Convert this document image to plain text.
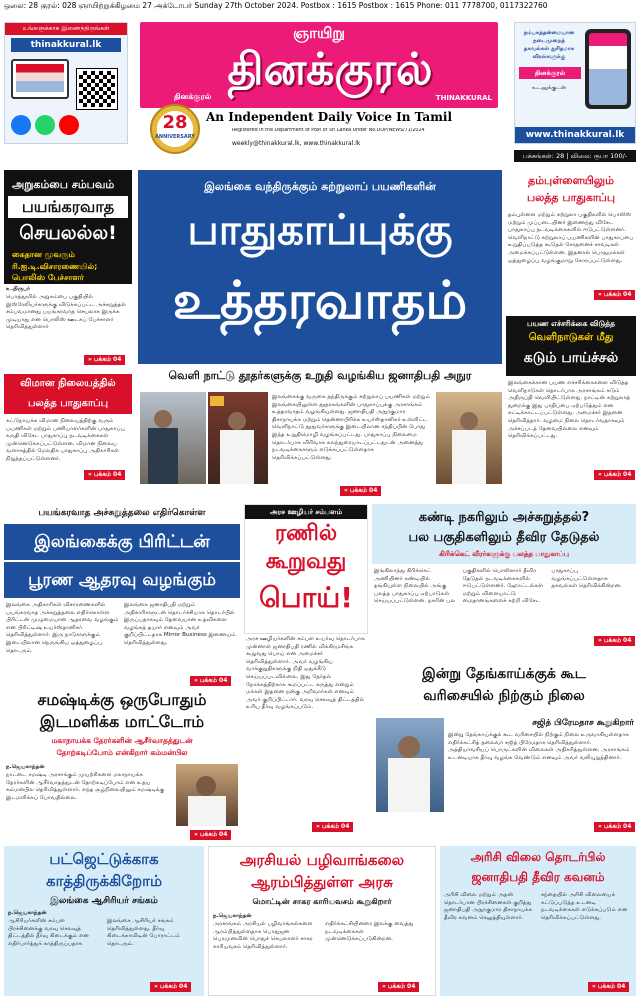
ஒலை: 28 குரல்: 028 ஞாயிற்றுக்கிழமை 27 அக்டோபர் Sunday 27th October 2024. Postbox : 1615 Postbox : 1615 Phone: 011 7778700, 0117322760
உங்களுக்காக இணைந்திருங்கள்
thinakkural.lk
ஞாயிறு
தினக்குரல்
தினக்குரல்	THINAKKURAL
28
ANNIVERSARY
An Independent Daily Voice In Tamil
Registered In the Department of Post of Sri Lanka Under No.DOP/NEWS/71/2024
weekly@thinakkural.lk, www.thinakkural.lk
நம்பகத்தன்மையான
நடைமுறைத்
தகவல்கள் துரிதமாக
விரல்களுக்கு
தினக்குரல்
உடனுக்குடன்
www.thinakkural.lk
பக்கங்கள்: 28 | விலை: ரூபா 100/-
அறுகம்பை சம்பவம்
பயங்கரவாத
செயலல்ல!
கைதான மூவரும்
ரி.ஐ.டி.விசாரணையில்;
பொலிஸ் பேச்சாளர்
உ.நிருபர்
பொத்துவில் அறுகம்பை பகுதியில் இஸ்ரேலியர்களுக்கு விடுக்கப்பட்ட அச்சுறுத்தல் சம்பவமானது பயங்கரவாத செயலாக இருக்க முடியாது என பொலிஸ் ஊடகப் பேச்சாளர் தெரிவித்துள்ளார்
» பக்கம் 04
விமான நிலையத்தில்
பலத்த பாதுகாப்பு
கட்டுநாயக்க விமான நிலையத்திற்கு வரும் பயணிகள் மற்றும் பணியாளர்களின் பாதுகாப்பு கருதி விசேட பாதுகாப்பு நடவடிக்கைகள் முன்னெடுக்கப்பட்டுள்ளன. விமான நிலைய வளாகத்தில் மேலதிக பாதுகாப்பு அதிகாரிகள் நிறுத்தப்பட்டுள்ளனர்.
» பக்கம் 04
இலங்கை வந்திருக்கும் சுற்றுலாப் பயணிகளின்
பாதுகாப்புக்கு
உத்தரவாதம்
வெளி நாட்டு தூதர்களுக்கு உறுதி வழங்கிய ஜனாதிபதி அநுர
இலங்கைக்கு வருகை தந்திருக்கும் சுற்றுலாப் பயணிகள் மற்றும் இலங்கையிலுள்ள தூதரகங்களின் பாதுகாப்புக்கு அரசாங்கம் உத்தரவாதம் வழங்கியுள்ளது. ஜனாதிபதி அநுரகுமார திசாநாயக்க மற்றும் தென்னாபிரிக்க உயர்ஸ்தானிகர் உள்ளிட்ட வெளிநாட்டு தூதுவர்களுக்கு இடையிலான சந்திப்பின் போது இந்த உறுதிமொழி வழங்கப்பட்டது. பாதுகாப்பு நிலைமை தொடர்பாக விரிவாக கலந்துரையாடப்பட்டதுடன் அனைத்து நடவடிக்கைகளும் எடுக்கப்பட்டுள்ளதாக தெரிவிக்கப்பட்டுள்ளது.
» பக்கம் 04
தம்புள்ளையிலும்
பலத்த பாதுகாப்பு
தம்புள்ளை மற்றும் சுற்றுலா பகுதிகளில் பொலிஸ் மற்றும் முப்படையினர் இணைந்து விசேட பாதுகாப்பு நடவடிக்கைகளில் ஈடுபட்டுள்ளனர். வெளிநாட்டு சுற்றுலாப் பயணிகளின் பாதுகாப்பை உறுதிப்படுத்த கூடுதல் சோதனைச் சாவடிகள் அமைக்கப்பட்டுள்ளன. இதனால் பொதுமக்கள் ஒத்துழைப்பு வழங்குமாறு கோரப்பட்டுள்ளது.
» பக்கம் 04
பயண எச்சரிக்கை விடுத்த
வெளிநாடுகள் மீது
கடும் பாய்ச்சல்
இலங்கைக்கான பயண எச்சரிக்கைகளை விடுத்த வெளிநாடுகள் தொடர்பாக அரசாங்கம் கடும் அதிருப்தி வெளியிட்டுள்ளது. நாட்டின் சுற்றுலாத் துறைக்கு இது பாதிப்பை ஏற்படுத்தும் என சுட்டிக்காட்டப்பட்டுள்ளது. அமைச்சர் இதனை தெரிவித்தார். வழமை நிலை தொடர்வதாகவும் அச்சப்படத் தேவையில்லை எனவும் தெரிவிக்கப்பட்டது.
» பக்கம் 04
பயங்கரவாத அச்சுறுத்தலை எதிர்கொள்ள
இலங்கைக்கு பிரிட்டன்
பூரண ஆதரவு வழங்கும்
இலங்கை அதிகாரிகள் விசாரணைகளில் பயங்கரவாத அச்சுறுத்தலை எதிர்கொள்ள பிரிட்டன் முழுமையான ஆதரவை வழங்கும் என பிரிட்டிஷ் உயர்ஸ்தானிகர் தெரிவித்துள்ளார். இரு நாடுகளுக்கும் இடையிலான நெருங்கிய ஒத்துழைப்பு தொடரும்.
இலங்கை ஜனாதிபதி மற்றும் அதிகாரிகளுடன் தொடர்ச்சியாக தொடர்பில் இருப்பதாகவும் தேவையான உதவிகளை வழங்கத் தயார் எனவும் அவர் குறிப்பிட்டதாக Mirror Business இணையம் தெரிவித்துள்ளது.
» பக்கம் 04
அரச ஊழியர் சம்பளம்
ரணில்
கூறுவது
பொய்!
அரச ஊழியர்களின் சம்பள உயர்வு தொடர்பாக முன்னாள் ஜனாதிபதி ரணில் விக்கிரமசிங்க கூறுவது பொய் என அமைச்சர் தெரிவித்துள்ளார். அவர் வழங்கிய வாக்குறுதிகளுக்கு நிதி ஒதுக்கீடு செய்யப்படவில்லை. இது தேர்தல் நோக்கத்திற்காக கூறப்பட்ட கருத்து என்றும் மக்கள் இதனை நன்கு அறிவார்கள் எனவும் அவர் குறிப்பிட்டார். வரவு செலவுத் திட்டத்தில் உரிய தீர்வு வழங்கப்படும்.
» பக்கம் 04
கண்டி நகரிலும் அச்சுறுத்தல்?
பல பகுதிகளிலும் தீவிர தேடுதல்
கிரிக்கெட் வீரர்களுக்கு பலத்த பாதுகாப்பு
இங்கிலாந்து கிரிக்கெட் அணியினர் கண்டியில் தங்கியுள்ள நிலையில் அங்கு பலத்த பாதுகாப்பு ஏற்பாடுகள் செய்யப்பட்டுள்ளன. நகரின் பல பகுதிகளில் பொலிஸார் தீவிர தேடுதல் நடவடிக்கைகளில் ஈடுபட்டுள்ளனர். ஹோட்டல்கள் மற்றும் விளையாட்டு மைதானங்களைச் சுற்றி விசேட பாதுகாப்பு வழங்கப்பட்டுள்ளதாக தகவல்கள் தெரிவிக்கின்றன.
» பக்கம் 04
இன்று தேங்காய்க்குக் கூட
வரிசையில் நிற்கும் நிலை
சஜித் பிரேமதாச கூறுகிறார்
இன்று தேங்காய்க்குக் கூட வரிசையில் நிற்கும் நிலை உருவாகியுள்ளதாக எதிர்க்கட்சித் தலைவர் சஜித் பிரேமதாச தெரிவித்துள்ளார். அத்தியாவசியப் பொருட்களின் விலைகள் அதிகரித்துள்ளன. அரசாங்கம் உடனடியாக தீர்வு வழங்க வேண்டும் எனவும் அவர் வலியுறுத்தினார்.
» பக்கம் 04
சமஷ்டிக்கு ஒருபோதும்
இடமளிக்க மாட்டோம்
மகாநாயக்க தேரர்களின் ஆசீர்வாதத்துடன்
தோற்கடிப்போம் என்கிறார் கம்மன்பில
ந.ஜெயகாந்தன்
நாட்டை சமஷ்டி அரசாக்கும் முயற்சிகளை மகாநாயக்க தேரர்களின் ஆசீர்வாதத்துடன் தோற்கடிப்போம் என உதய கம்மன்பில தெரிவித்துள்ளார். எந்த சூழ்நிலையிலும் சமஷ்டிக்கு இடமளிக்கப் போவதில்லை.
» பக்கம் 04
பட்ஜெட்டுக்காக
காத்திருக்கிறோம்
இலங்கை ஆசிரியர் சங்கம்
ந.ஜெயகாந்தன்
ஆசிரியர்களின் சம்பள பிரச்சினைக்கு வரவு செலவுத் திட்டத்தில் தீர்வு கிடைக்கும் என எதிர்பார்த்துக் காத்திருப்பதாக இலங்கை ஆசிரியர் சங்கம் தெரிவித்துள்ளது. தீர்வு கிடைக்காவிடின் போராட்டம் தொடரும்.
» பக்கம் 04
அரசியல் பழிவாங்கலை
ஆரம்பித்துள்ள அரசு
மொட்டின் சாகர காரியவசம் கூறுகிறார்
ந.ஜெயகாந்தன்
அரசாங்கம் அரசியல் பழிவாங்கல்களை ஆரம்பித்துள்ளதாக பொதுஜன பெரமுனவின் பொதுச் செயலாளர் சாகர காரியவசம் தெரிவித்துள்ளார். எதிர்க்கட்சியினரை இலக்கு வைத்து நடவடிக்கைகள் முன்னெடுக்கப்படுகின்றன.
» பக்கம் 04
அரிசி விலை தொடர்பில்
ஜனாதிபதி தீவிர கவனம்
அரிசி விலை மற்றும் அதன் தொடர்பான பிரச்சினைகள் குறித்து ஜனாதிபதி அநுரகுமார திசாநாயக்க தீவிர கவனம் செலுத்தியுள்ளார். சந்தையில் அரிசி விலையைக் கட்டுப்படுத்த உடனடி நடவடிக்கைகள் எடுக்கப்படும் என தெரிவிக்கப்பட்டுள்ளது.
» பக்கம் 04
